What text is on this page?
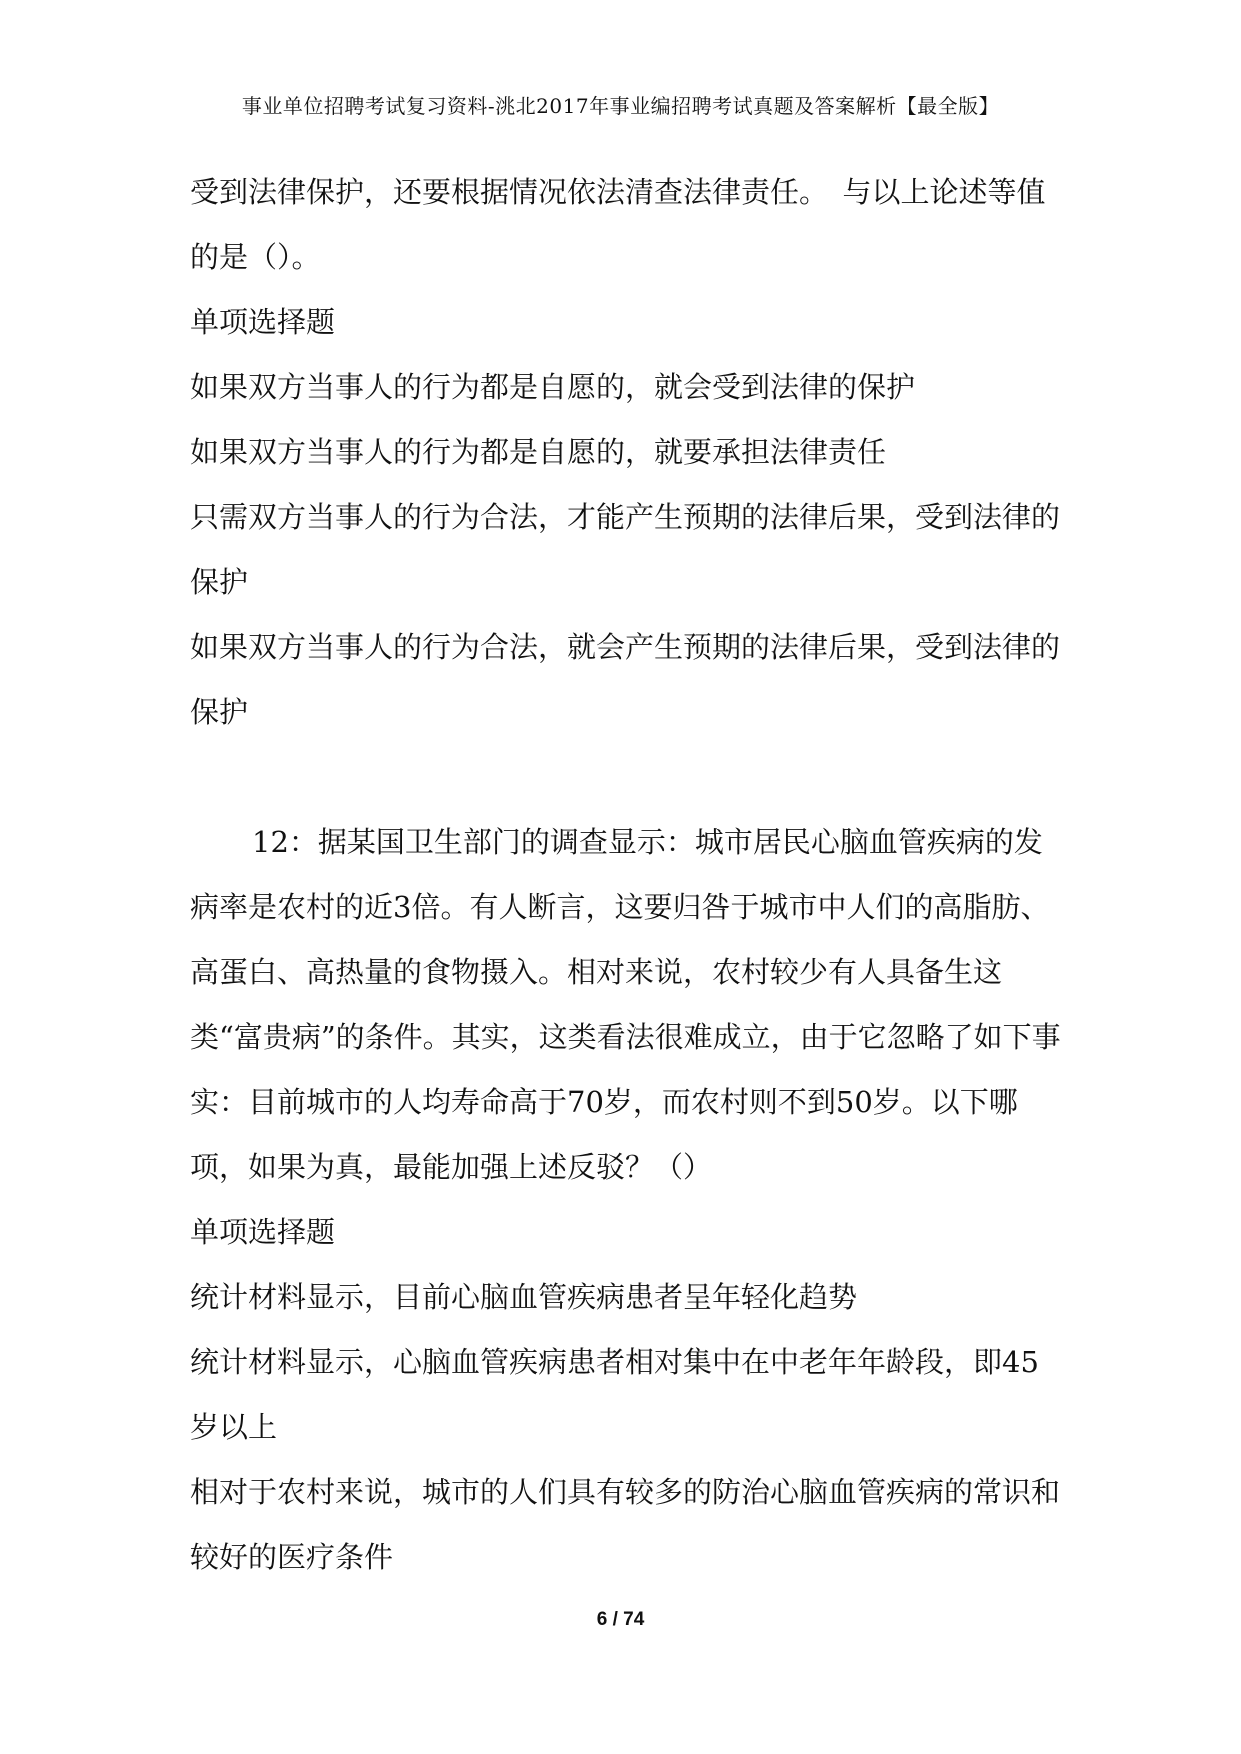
事业单位招聘考试复习资料-洮北2017年事业编招聘考试真题及答案解析【最全版】

受到法律保护，还要根据情况依法清查法律责任。　与以上论述等值的是（）。

单项选择题

如果双方当事人的行为都是自愿的，就会受到法律的保护

如果双方当事人的行为都是自愿的，就要承担法律责任

只需双方当事人的行为合法，才能产生预期的法律后果，受到法律的保护

如果双方当事人的行为合法，就会产生预期的法律后果，受到法律的保护

12：据某国卫生部门的调查显示：城市居民心脑血管疾病的发病率是农村的近3倍。有人断言，这要归咎于城市中人们的高脂肪、高蛋白、高热量的食物摄入。相对来说，农村较少有人具备生这类“富贵病”的条件。其实，这类看法很难成立，由于它忽略了如下事实：目前城市的人均寿命高于70岁，而农村则不到50岁。以下哪项，如果为真，最能加强上述反驳？（）

单项选择题

统计材料显示，目前心脑血管疾病患者呈年轻化趋势

统计材料显示，心脑血管疾病患者相对集中在中老年年龄段，即45岁以上

相对于农村来说，城市的人们具有较多的防治心脑血管疾病的常识和较好的医疗条件

6 / 74
